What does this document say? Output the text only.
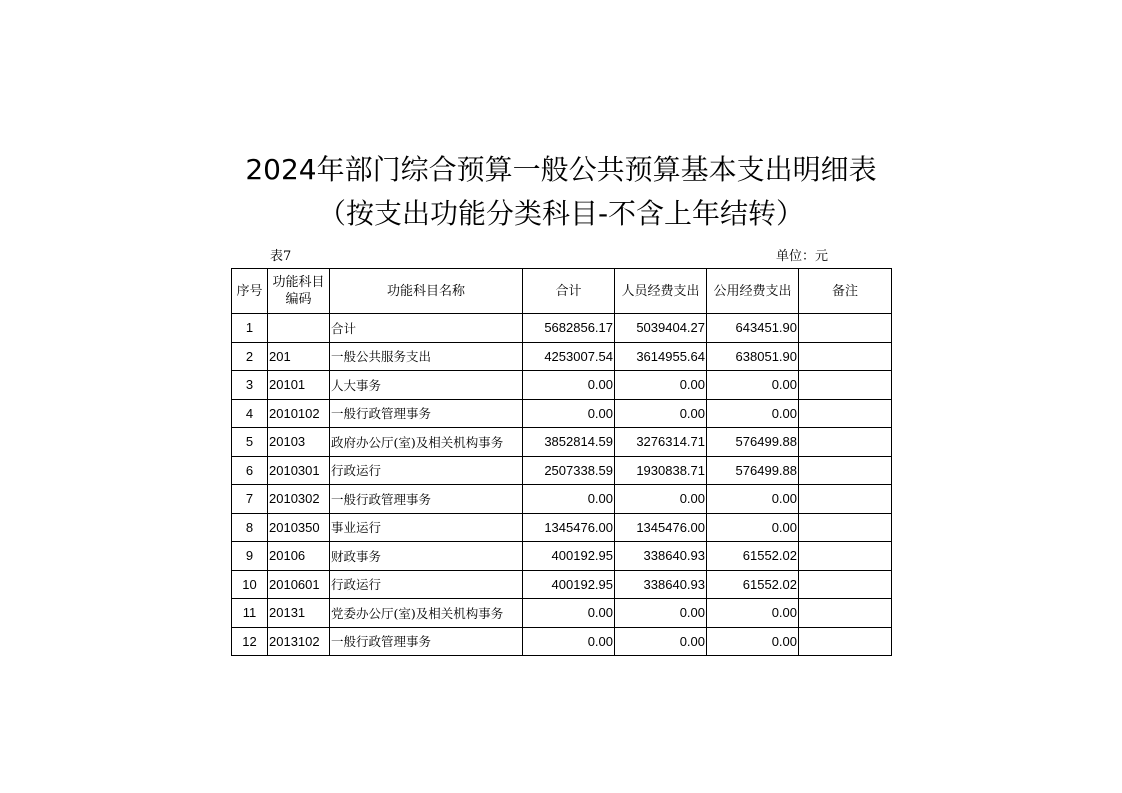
2024年部门综合预算一般公共预算基本支出明细表
（按支出功能分类科目-不含上年结转）
表7	单位：元
序号	功能科目编码	功能科目名称	合计	人员经费支出	公用经费支出	备注
1		合计	5682856.17	5039404.27	643451.90	
2	201	一般公共服务支出	4253007.54	3614955.64	638051.90	
3	20101	人大事务	0.00	0.00	0.00	
4	2010102	一般行政管理事务	0.00	0.00	0.00	
5	20103	政府办公厅(室)及相关机构事务	3852814.59	3276314.71	576499.88	
6	2010301	行政运行	2507338.59	1930838.71	576499.88	
7	2010302	一般行政管理事务	0.00	0.00	0.00	
8	2010350	事业运行	1345476.00	1345476.00	0.00	
9	20106	财政事务	400192.95	338640.93	61552.02	
10	2010601	行政运行	400192.95	338640.93	61552.02	
11	20131	党委办公厅(室)及相关机构事务	0.00	0.00	0.00	
12	2013102	一般行政管理事务	0.00	0.00	0.00	
